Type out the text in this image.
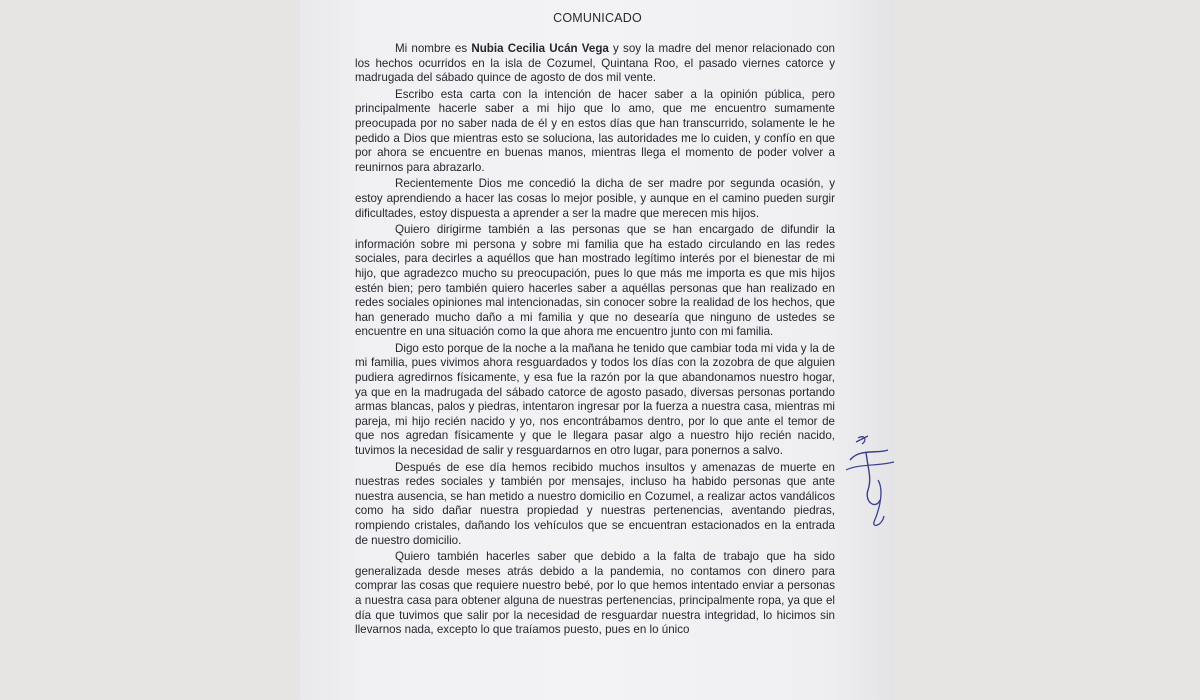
COMUNICADO

Mi nombre es Nubia Cecilia Ucán Vega y soy la madre del menor relacionado con los hechos ocurridos en la isla de Cozumel, Quintana Roo, el pasado viernes catorce y madrugada del sábado quince de agosto de dos mil vente.

Escribo esta carta con la intención de hacer saber a la opinión pública, pero principalmente hacerle saber a mi hijo que lo amo, que me encuentro sumamente preocupada por no saber nada de él y en estos días que han transcurrido, solamente le he pedido a Dios que mientras esto se soluciona, las autoridades me lo cuiden, y confío en que por ahora se encuentre en buenas manos, mientras llega el momento de poder volver a reunirnos para abrazarlo.

Recientemente Dios me concedió la dicha de ser madre por segunda ocasión, y estoy aprendiendo a hacer las cosas lo mejor posible, y aunque en el camino pueden surgir dificultades, estoy dispuesta a aprender a ser la madre que merecen mis hijos.

Quiero dirigirme también a las personas que se han encargado de difundir la información sobre mi persona y sobre mi familia que ha estado circulando en las redes sociales, para decirles a aquéllos que han mostrado legítimo interés por el bienestar de mi hijo, que agradezco mucho su preocupación, pues lo que más me importa es que mis hijos estén bien; pero también quiero hacerles saber a aquéllas personas que han realizado en redes sociales opiniones mal intencionadas, sin conocer sobre la realidad de los hechos, que han generado mucho daño a mi familia y que no desearía que ninguno de ustedes se encuentre en una situación como la que ahora me encuentro junto con mi familia.

Digo esto porque de la noche a la mañana he tenido que cambiar toda mi vida y la de mi familia, pues vivimos ahora resguardados y todos los días con la zozobra de que alguien pudiera agredirnos físicamente, y esa fue la razón por la que abandonamos nuestro hogar, ya que en la madrugada del sábado catorce de agosto pasado, diversas personas portando armas blancas, palos y piedras, intentaron ingresar por la fuerza a nuestra casa, mientras mi pareja, mi hijo recién nacido y yo, nos encontrábamos dentro, por lo que ante el temor de que nos agredan físicamente y que le llegara pasar algo a nuestro hijo recién nacido, tuvimos la necesidad de salir y resguardarnos en otro lugar, para ponernos a salvo.

Después de ese día hemos recibido muchos insultos y amenazas de muerte en nuestras redes sociales y también por mensajes, incluso ha habido personas que ante nuestra ausencia, se han metido a nuestro domicilio en Cozumel, a realizar actos vandálicos como ha sido dañar nuestra propiedad y nuestras pertenencias, aventando piedras, rompiendo cristales, dañando los vehículos que se encuentran estacionados en la entrada de nuestro domicilio.

Quiero también hacerles saber que debido a la falta de trabajo que ha sido generalizada desde meses atrás debido a la pandemia, no contamos con dinero para comprar las cosas que requiere nuestro bebé, por lo que hemos intentado enviar a personas a nuestra casa para obtener alguna de nuestras pertenencias, principalmente ropa, ya que el día que tuvimos que salir por la necesidad de resguardar nuestra integridad, lo hicimos sin llevarnos nada, excepto lo que traíamos puesto, pues en lo único
